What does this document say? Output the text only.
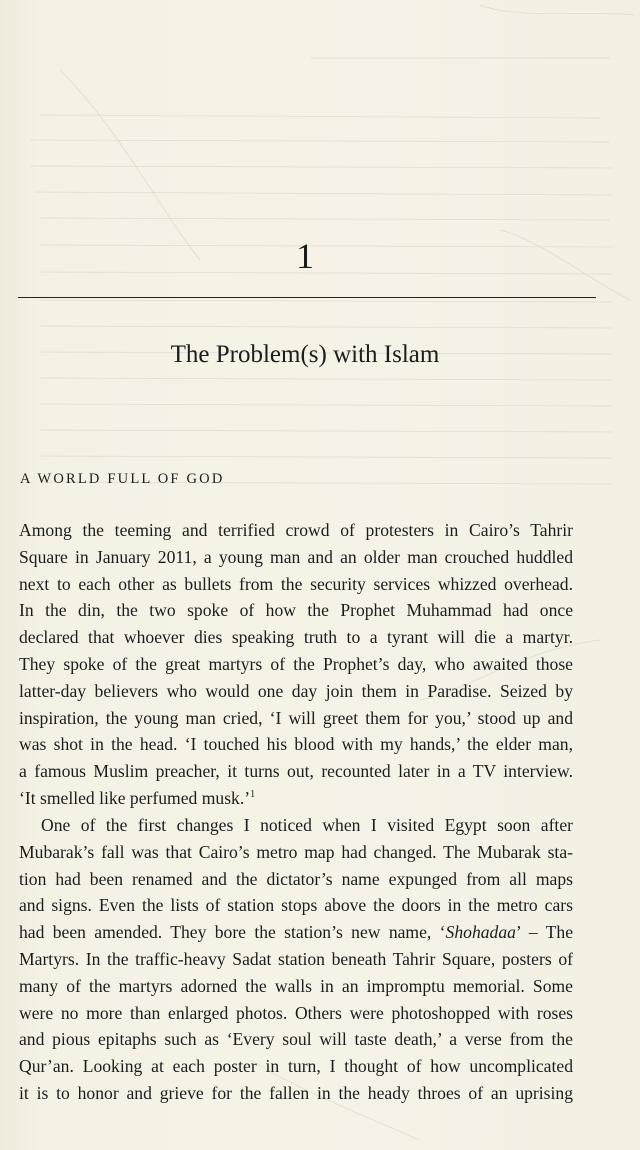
1
The Problem(s) with Islam
A WORLD FULL OF GOD
Among the teeming and terrified crowd of protesters in Cairo’s Tahrir
Square in January 2011, a young man and an older man crouched huddled
next to each other as bullets from the security services whizzed overhead.
In the din, the two spoke of how the Prophet Muhammad had once
declared that whoever dies speaking truth to a tyrant will die a martyr.
They spoke of the great martyrs of the Prophet’s day, who awaited those
latter-day believers who would one day join them in Paradise. Seized by
inspiration, the young man cried, ‘I will greet them for you,’ stood up and
was shot in the head. ‘I touched his blood with my hands,’ the elder man,
a famous Muslim preacher, it turns out, recounted later in a TV interview.
‘It smelled like perfumed musk.’$^1$
One of the first changes I noticed when I visited Egypt soon after
Mubarak’s fall was that Cairo’s metro map had changed. The Mubarak sta-
tion had been renamed and the dictator’s name expunged from all maps
and signs. Even the lists of station stops above the doors in the metro cars
had been amended. They bore the station’s new name, ‘Shohadaa’ – The
Martyrs. In the traffic-heavy Sadat station beneath Tahrir Square, posters of
many of the martyrs adorned the walls in an impromptu memorial. Some
were no more than enlarged photos. Others were photoshopped with roses
and pious epitaphs such as ‘Every soul will taste death,’ a verse from the
Qur’an. Looking at each poster in turn, I thought of how uncomplicated
it is to honor and grieve for the fallen in the heady throes of an uprising
